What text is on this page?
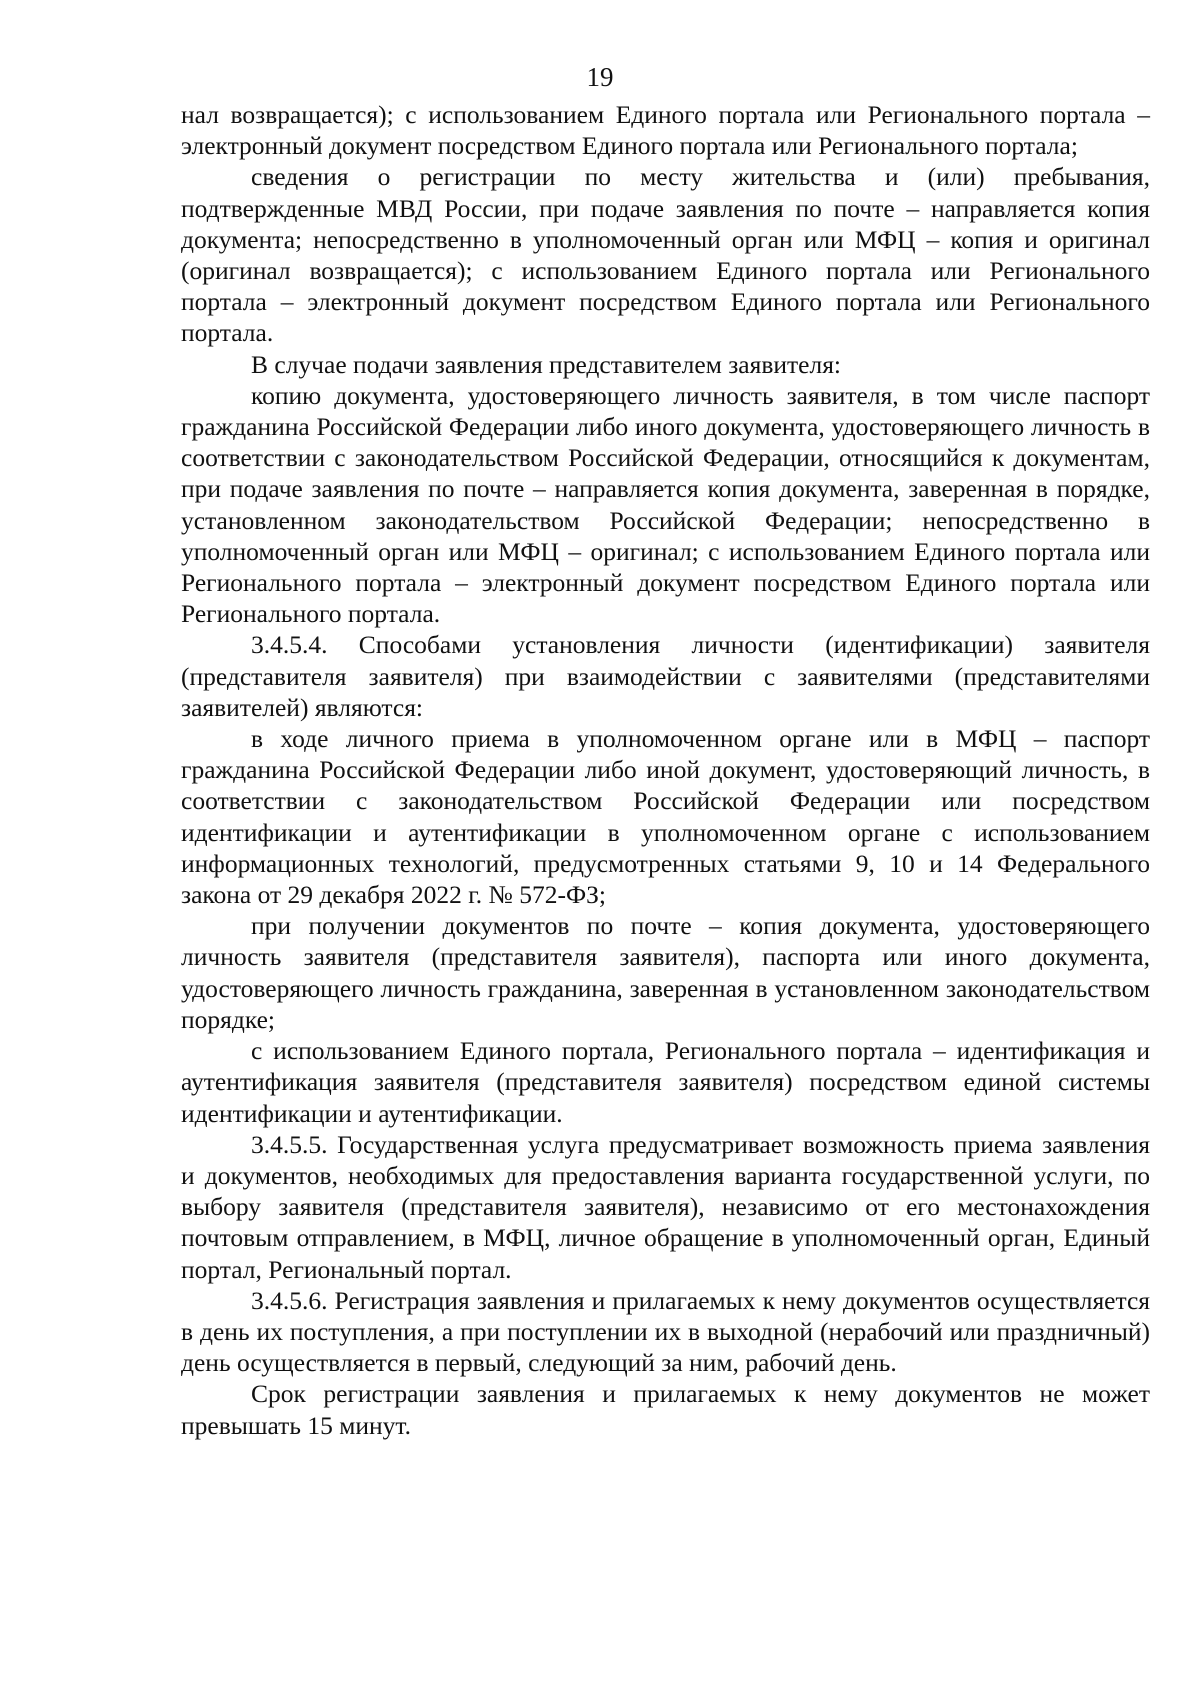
19

нал возвращается); с использованием Единого портала или Регионального портала – электронный документ посредством Единого портала или Регионального портала;

сведения о регистрации по месту жительства и (или) пребывания, подтвержденные МВД России, при подаче заявления по почте – направляется копия документа; непосредственно в уполномоченный орган или МФЦ – копия и оригинал (оригинал возвращается); с использованием Единого портала или Регионального портала – электронный документ посредством Единого портала или Регионального портала.

В случае подачи заявления представителем заявителя:

копию документа, удостоверяющего личность заявителя, в том числе паспорт гражданина Российской Федерации либо иного документа, удостоверяющего личность в соответствии с законодательством Российской Федерации, относящийся к документам, при подаче заявления по почте – направляется копия документа, заверенная в порядке, установленном законодательством Российской Федерации; непосредственно в уполномоченный орган или МФЦ – оригинал; с использованием Единого портала или Регионального портала – электронный документ посредством Единого портала или Регионального портала.

3.4.5.4. Способами установления личности (идентификации) заявителя (представителя заявителя) при взаимодействии с заявителями (представителями заявителей) являются:

в ходе личного приема в уполномоченном органе или в МФЦ – паспорт гражданина Российской Федерации либо иной документ, удостоверяющий личность, в соответствии с законодательством Российской Федерации или посредством идентификации и аутентификации в уполномоченном органе с использованием информационных технологий, предусмотренных статьями 9, 10 и 14 Федерального закона от 29 декабря 2022 г. № 572-ФЗ;

при получении документов по почте – копия документа, удостоверяющего личность заявителя (представителя заявителя), паспорта или иного документа, удостоверяющего личность гражданина, заверенная в установленном законодательством порядке;

с использованием Единого портала, Регионального портала – идентификация и аутентификация заявителя (представителя заявителя) посредством единой системы идентификации и аутентификации.

3.4.5.5. Государственная услуга предусматривает возможность приема заявления и документов, необходимых для предоставления варианта государственной услуги, по выбору заявителя (представителя заявителя), независимо от его местонахождения почтовым отправлением, в МФЦ, личное обращение в уполномоченный орган, Единый портал, Региональный портал.

3.4.5.6. Регистрация заявления и прилагаемых к нему документов осуществляется в день их поступления, а при поступлении их в выходной (нерабочий или праздничный) день осуществляется в первый, следующий за ним, рабочий день.

Срок регистрации заявления и прилагаемых к нему документов не может превышать 15 минут.
